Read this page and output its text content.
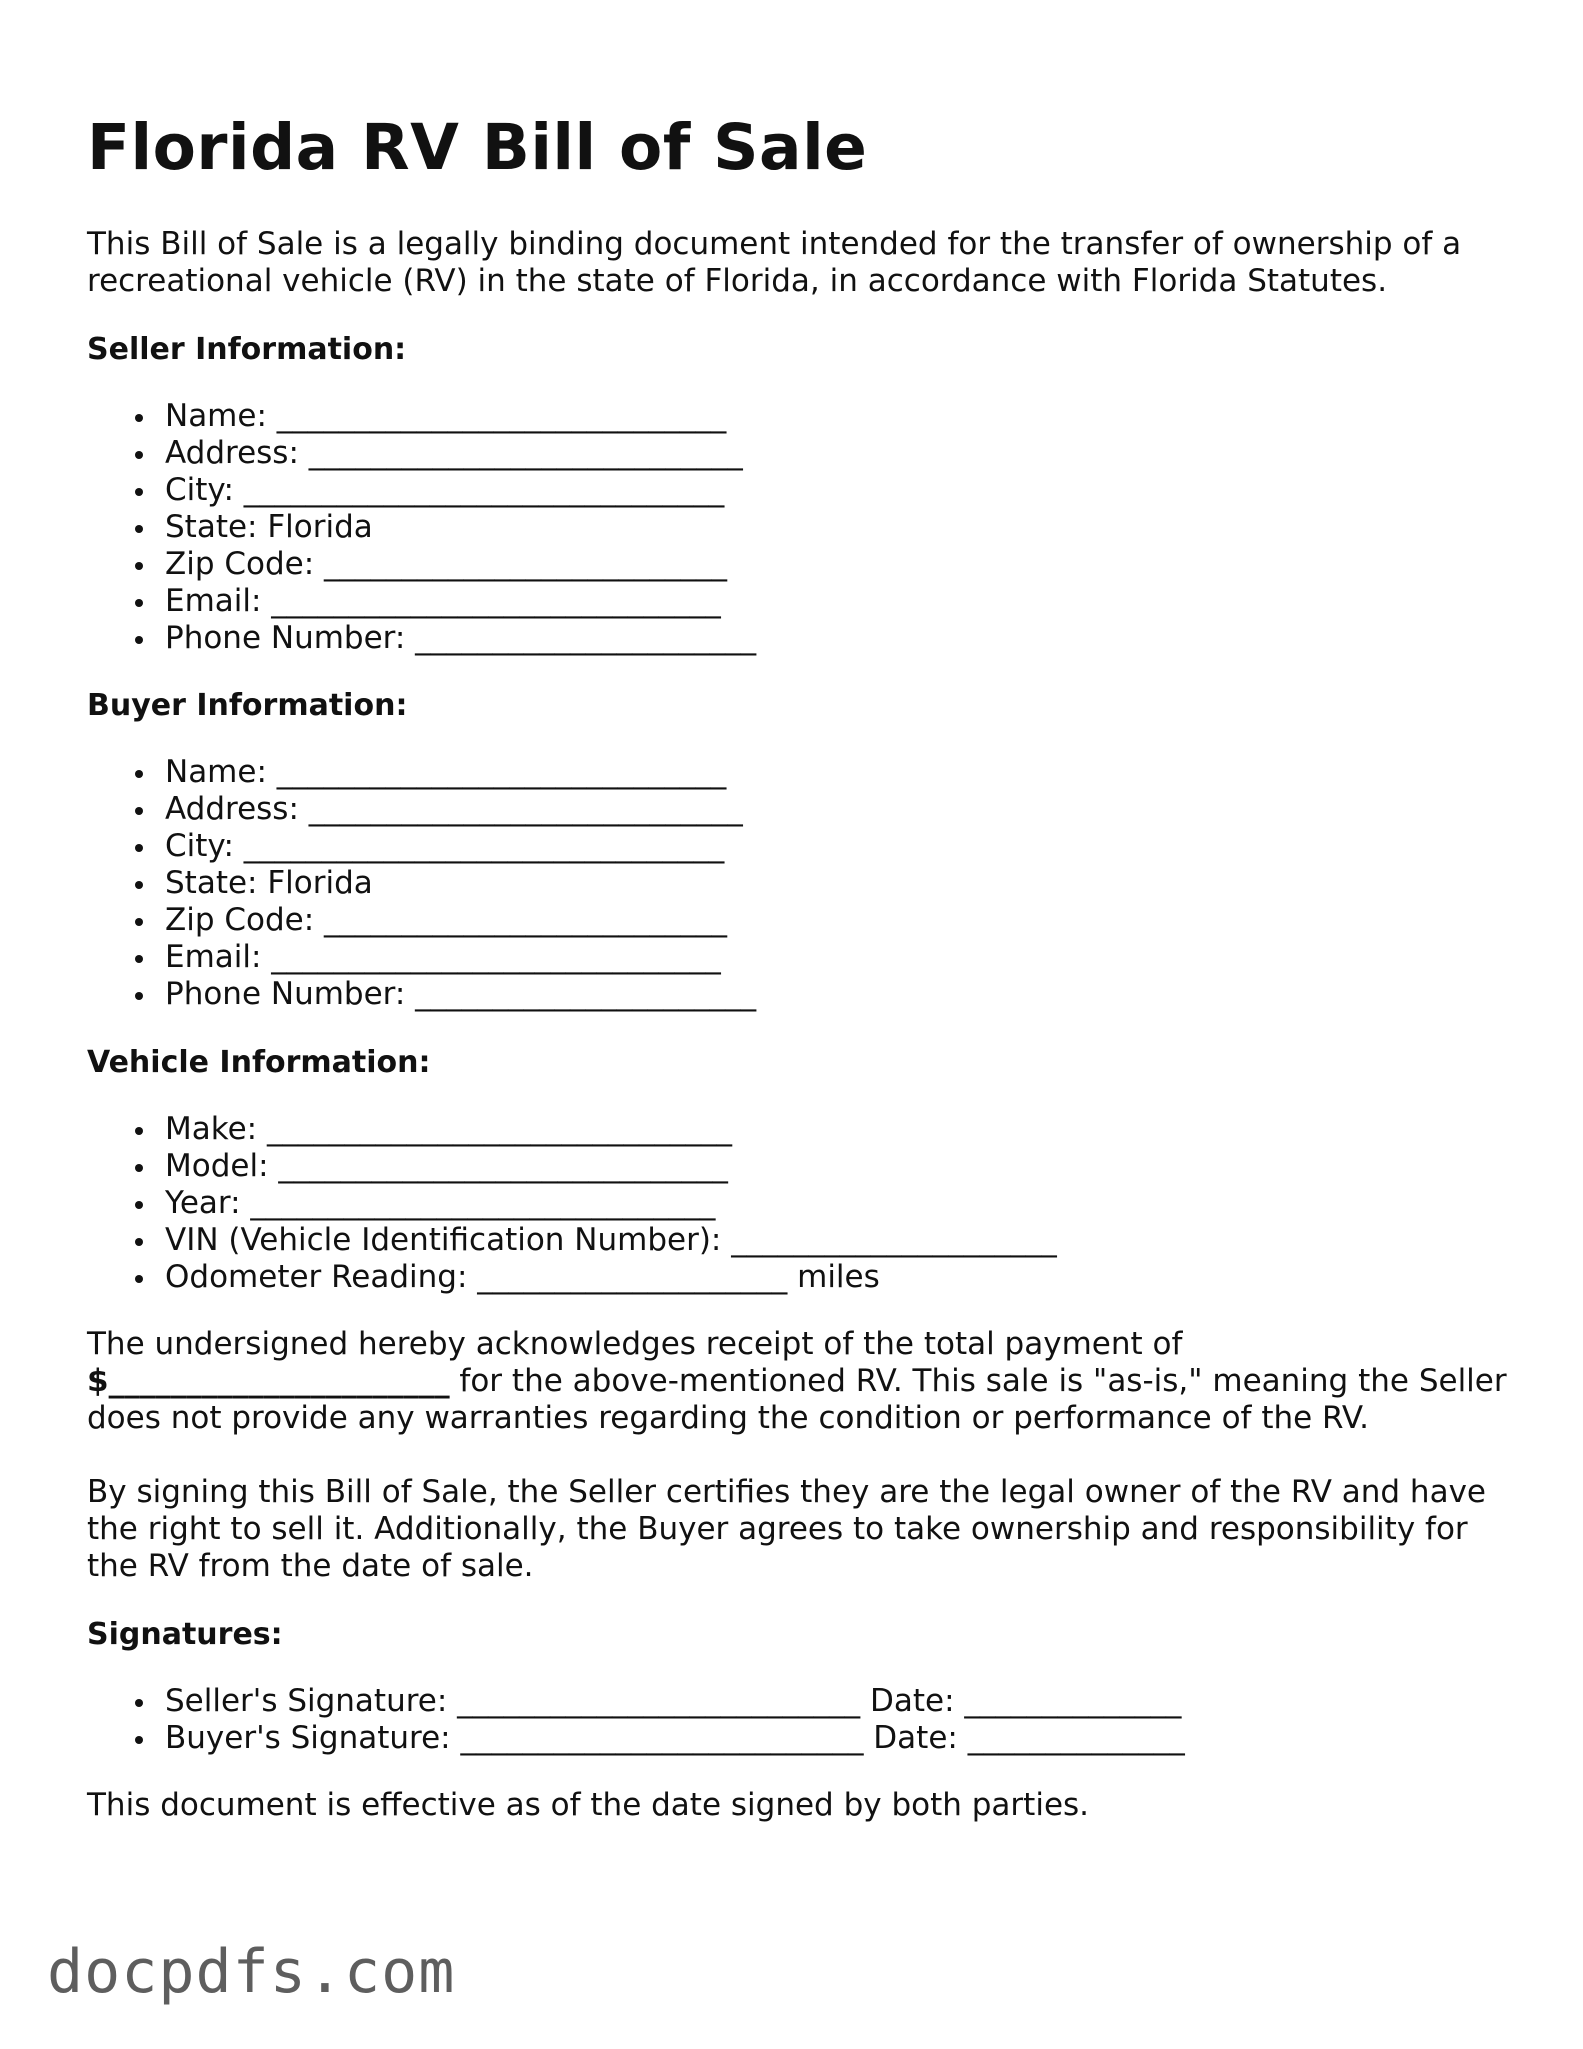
Florida RV Bill of Sale

This Bill of Sale is a legally binding document intended for the transfer of ownership of a recreational vehicle (RV) in the state of Florida, in accordance with Florida Statutes.

Seller Information:
Name: _____________________________
Address: ____________________________
City: _______________________________
State: Florida
Zip Code: __________________________
Email: _____________________________
Phone Number: ______________________
Buyer Information:
Name: _____________________________
Address: ____________________________
City: _______________________________
State: Florida
Zip Code: __________________________
Email: _____________________________
Phone Number: ______________________
Vehicle Information:
Make: ______________________________
Model: _____________________________
Year: ______________________________
VIN (Vehicle Identification Number): _____________________
Odometer Reading: ____________________ miles

The undersigned hereby acknowledges receipt of the total payment of
$______________________ for the above-mentioned RV. This sale is "as-is," meaning the Seller does not provide any warranties regarding the condition or performance of the RV.

By signing this Bill of Sale, the Seller certifies they are the legal owner of the RV and have the right to sell it. Additionally, the Buyer agrees to take ownership and responsibility for the RV from the date of sale.

Signatures:
Seller's Signature: __________________________ Date: ______________
Buyer's Signature: __________________________ Date: ______________

This document is effective as of the date signed by both parties.

docpdfs.com
